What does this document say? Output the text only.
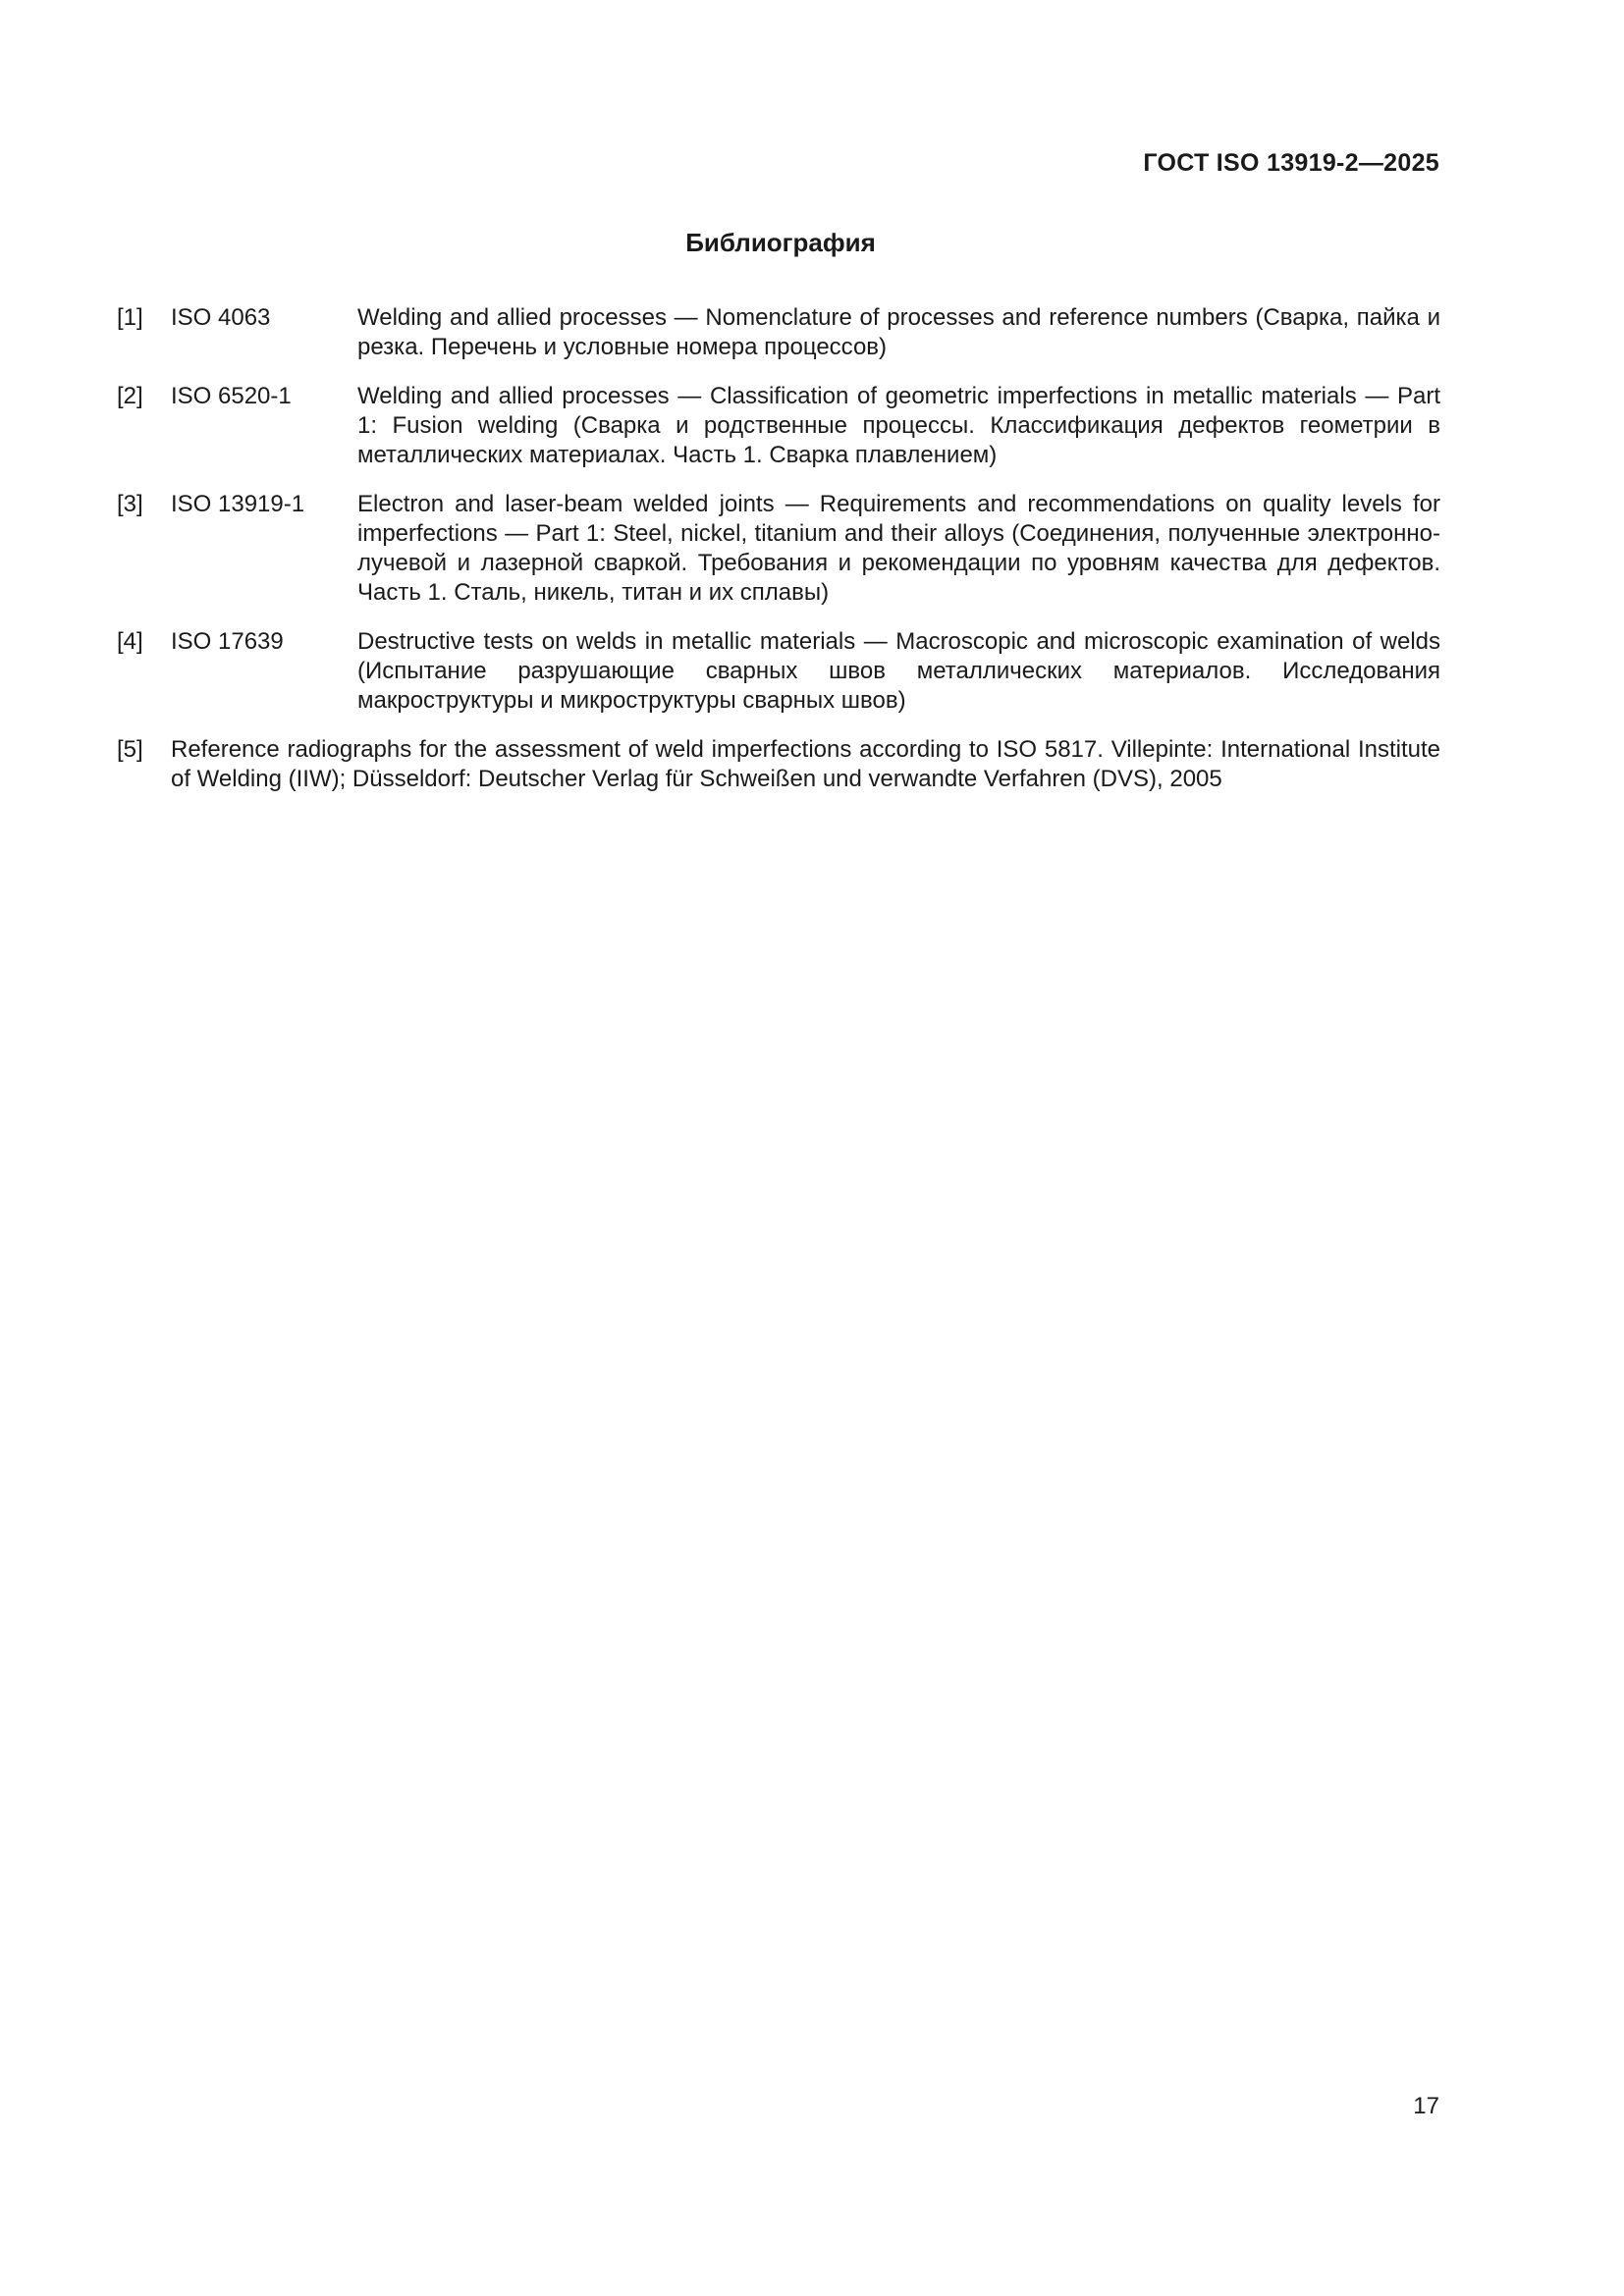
ГОСТ ISO 13919-2—2025
Библиография
[1]	ISO 4063	Welding and allied processes — Nomenclature of processes and reference numbers (Сварка, пайка и резка. Перечень и условные номера процессов)
[2]	ISO 6520-1	Welding and allied processes — Classification of geometric imperfections in metallic materials — Part 1: Fusion welding (Сварка и родственные процессы. Классификация дефектов геометрии в металлических материалах. Часть 1. Сварка плавлением)
[3]	ISO 13919-1	Electron and laser-beam welded joints — Requirements and recommendations on quality levels for imperfections — Part 1: Steel, nickel, titanium and their alloys (Соединения, полученные электронно-лучевой и лазерной сваркой. Требования и рекомендации по уровням качества для дефектов. Часть 1. Сталь, никель, титан и их сплавы)
[4]	ISO 17639	Destructive tests on welds in metallic materials — Macroscopic and microscopic examination of welds (Испытание разрушающие сварных швов металлических материалов. Исследования макроструктуры и микроструктуры сварных швов)
[5]	Reference radiographs for the assessment of weld imperfections according to ISO 5817. Villepinte: International Institute of Welding (IIW); Düsseldorf: Deutscher Verlag für Schweißen und verwandte Verfahren (DVS), 2005
17
